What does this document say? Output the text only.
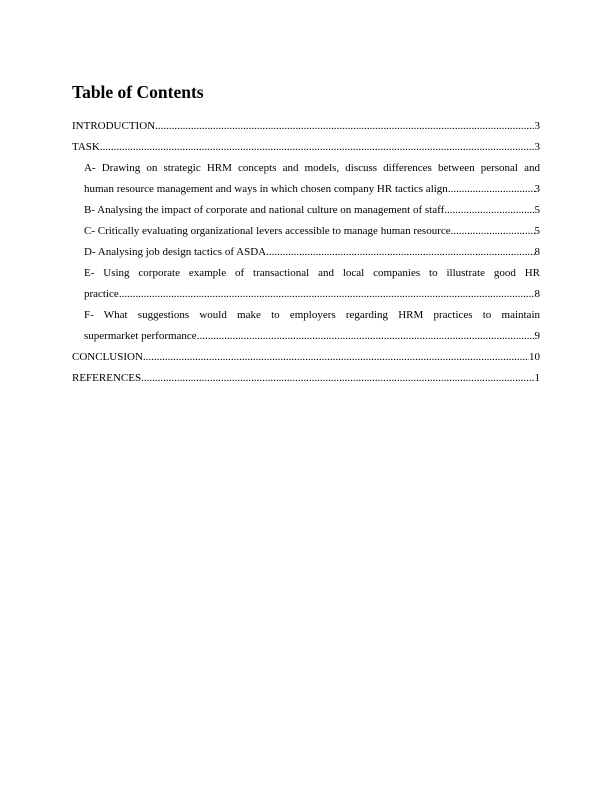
Table of Contents
INTRODUCTION .....	3
TASK .....	3
A- Drawing on strategic HRM concepts and models, discuss differences between personal and
human resource management and ways in which chosen company HR tactics align .....	3
B- Analysing the impact of corporate and national culture on management of staff .....	5
C- Critically evaluating organizational levers accessible to manage human resource .....	5
D- Analysing job design tactics of ASDA .....	8
E- Using corporate example of transactional and local companies to illustrate good HR
practice .....	8
F- What suggestions would make to employers regarding HRM practices to maintain
supermarket performance .....	9
CONCLUSION .....	10
REFERENCES .....	1
